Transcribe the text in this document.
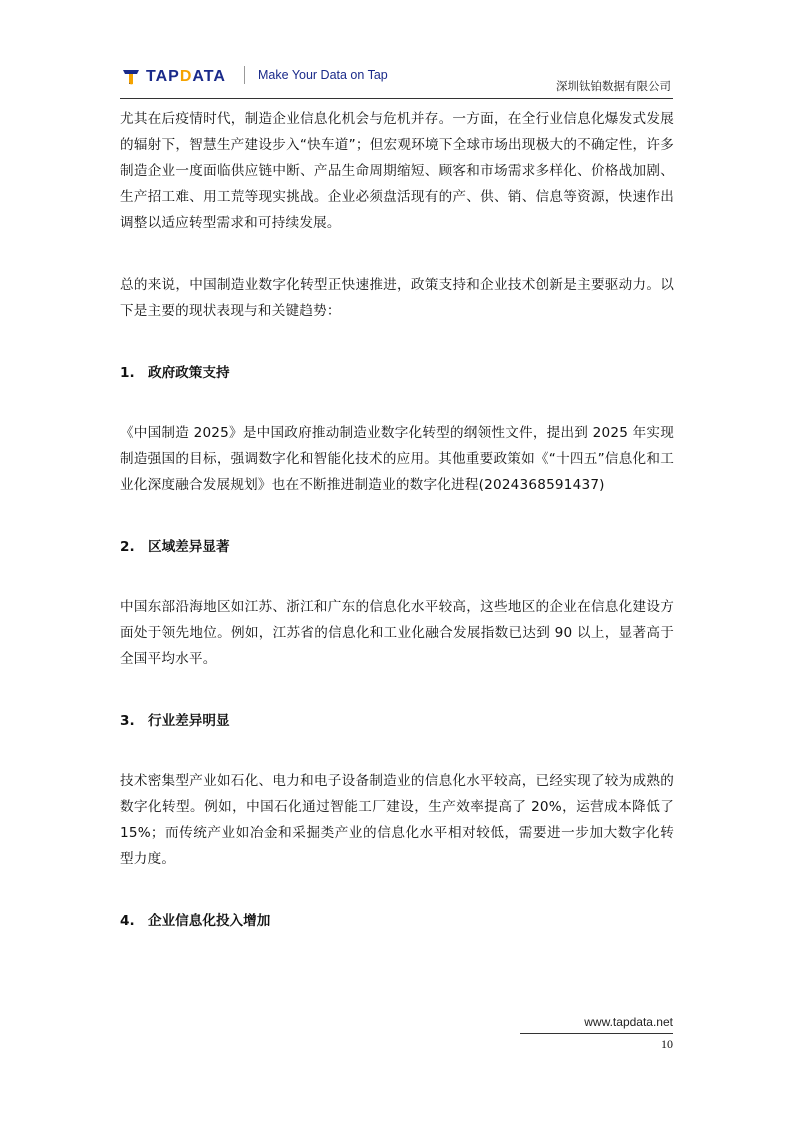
TAPDATA	Make Your Data on Tap
深圳钛铂数据有限公司

尤其在后疫情时代，制造企业信息化机会与危机并存。一方面，在全行业信息化爆发式发展的辐射下，智慧生产建设步入“快车道”；但宏观环境下全球市场出现极大的不确定性，许多制造企业一度面临供应链中断、产品生命周期缩短、顾客和市场需求多样化、价格战加剧、生产招工难、用工荒等现实挑战。企业必须盘活现有的产、供、销、信息等资源，快速作出调整以适应转型需求和可持续发展。

总的来说，中国制造业数字化转型正快速推进，政策支持和企业技术创新是主要驱动力。以下是主要的现状表现与和关键趋势：

1. 政府政策支持

《中国制造 2025》是中国政府推动制造业数字化转型的纲领性文件，提出到 2025 年实现制造强国的目标，强调数字化和智能化技术的应用。其他重要政策如《“十四五”信息化和工业化深度融合发展规划》也在不断推进制造业的数字化进程(2024368591437)

2. 区域差异显著

中国东部沿海地区如江苏、浙江和广东的信息化水平较高，这些地区的企业在信息化建设方面处于领先地位。例如，江苏省的信息化和工业化融合发展指数已达到 90 以上，显著高于全国平均水平。

3. 行业差异明显

技术密集型产业如石化、电力和电子设备制造业的信息化水平较高，已经实现了较为成熟的数字化转型。例如，中国石化通过智能工厂建设，生产效率提高了 20%，运营成本降低了 15%；而传统产业如冶金和采掘类产业的信息化水平相对较低，需要进一步加大数字化转型力度。

4. 企业信息化投入增加
www.tapdata.net
10
